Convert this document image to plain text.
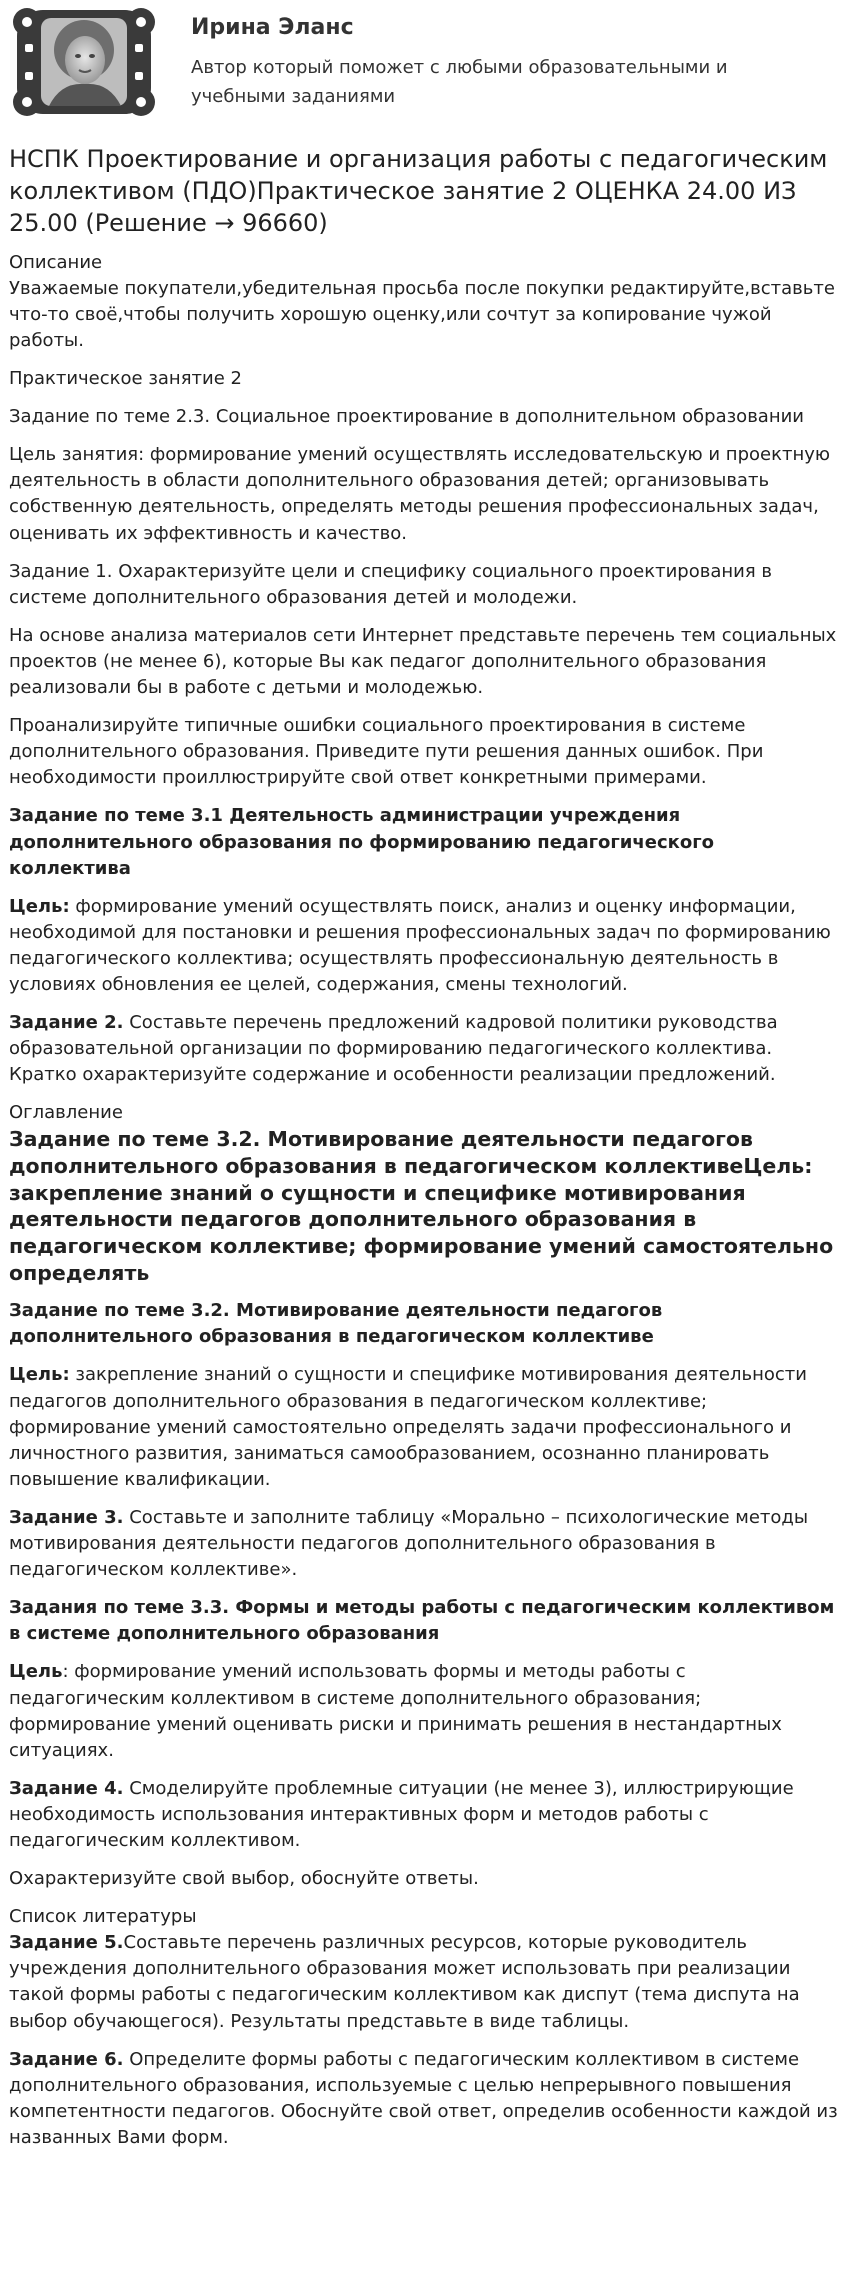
Ирина Эланс
Автор который поможет с любыми образовательными и
учебными заданиями
НСПК Проектирование и организация работы с педагогическим коллективом (ПДО)Практическое занятие 2 ОЦЕНКА 24.00 ИЗ 25.00 (Решение → 96660)
Описание

Уважаемые покупатели,убедительная просьба после покупки редактируйте,вставьте что-то своё,чтобы получить хорошую оценку,или сочтут за копирование чужой работы.

Практическое занятие 2

Задание по теме 2.3. Социальное проектирование в дополнительном образовании

Цель занятия: формирование умений осуществлять исследовательскую и проектную деятельность в области дополнительного образования детей; организовывать собственную деятельность, определять методы решения профессиональных задач, оценивать их эффективность и качество.

Задание 1. Охарактеризуйте цели и специфику социального проектирования в системе дополнительного образования детей и молодежи.

На основе анализа материалов сети Интернет представьте перечень тем социальных проектов (не менее 6), которые Вы как педагог дополнительного образования реализовали бы в работе с детьми и молодежью.

Проанализируйте типичные ошибки социального проектирования в системе дополнительного образования. Приведите пути решения данных ошибок. При необходимости проиллюстрируйте свой ответ конкретными примерами.

Задание по теме 3.1 Деятельность администрации учреждения дополнительного образования по формированию педагогического коллектива

Цель: формирование умений осуществлять поиск, анализ и оценку информации, необходимой для постановки и решения профессиональных задач по формированию педагогического коллектива; осуществлять профессиональную деятельность в условиях обновления ее целей, содержания, смены технологий.

Задание 2. Составьте перечень предложений кадровой политики руководства образовательной организации по формированию педагогического коллектива. Кратко охарактеризуйте содержание и особенности реализации предложений.

Оглавление
Задание по теме 3.2. Мотивирование деятельности педагогов дополнительного образования в педагогическом коллективеЦель: закрепление знаний о сущности и специфике мотивирования деятельности педагогов дополнительного образования в педагогическом коллективе; формирование умений самостоятельно определять
Задание по теме 3.2. Мотивирование деятельности педагогов дополнительного образования в педагогическом коллективе

Цель: закрепление знаний о сущности и специфике мотивирования деятельности педагогов дополнительного образования в педагогическом коллективе; формирование умений самостоятельно определять задачи профессионального и личностного развития, заниматься самообразованием, осознанно планировать повышение квалификации.

Задание 3. Составьте и заполните таблицу «Морально – психологические методы мотивирования деятельности педагогов дополнительного образования в педагогическом коллективе».

Задания по теме 3.3. Формы и методы работы с педагогическим коллективом в системе дополнительного образования

Цель: формирование умений использовать формы и методы работы с педагогическим коллективом в системе дополнительного образования; формирование умений оценивать риски и принимать решения в нестандартных ситуациях.

Задание 4. Смоделируйте проблемные ситуации (не менее 3), иллюстрирующие необходимость использования интерактивных форм и методов работы с педагогическим коллективом.

Охарактеризуйте свой выбор, обоснуйте ответы.

Список литературы

Задание 5.Составьте перечень различных ресурсов, которые руководитель учреждения дополнительного образования может использовать при реализации такой формы работы с педагогическим коллективом как диспут (тема диспута на выбор обучающегося). Результаты представьте в виде таблицы.

Задание 6. Определите формы работы с педагогическим коллективом в системе дополнительного образования, используемые с целью непрерывного повышения компетентности педагогов. Обоснуйте свой ответ, определив особенности каждой из названных Вами форм.
